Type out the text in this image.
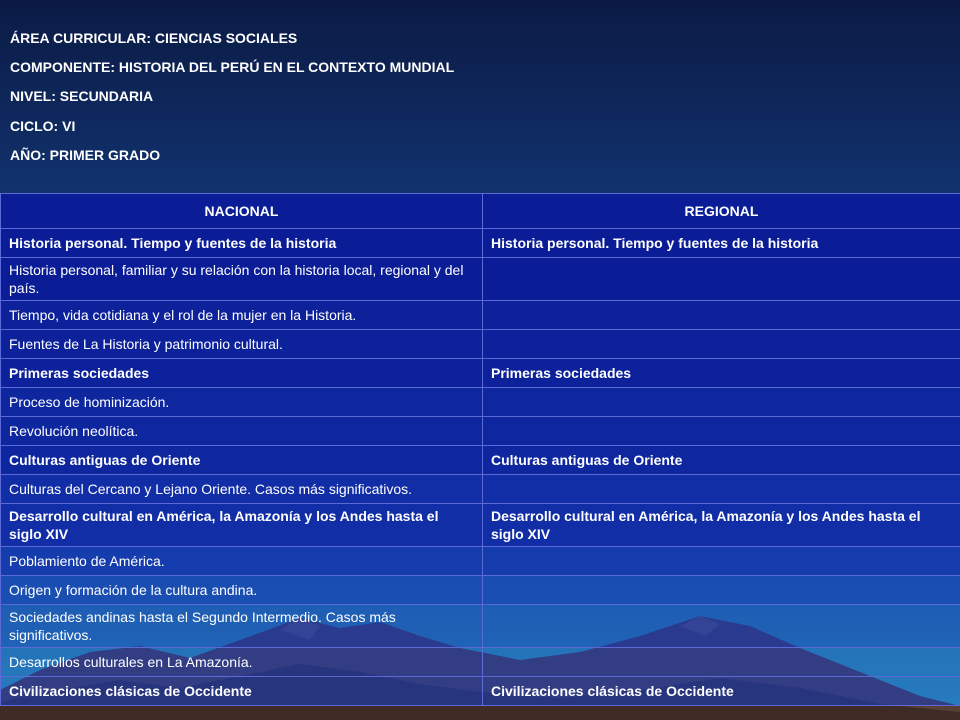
ÁREA CURRICULAR: CIENCIAS SOCIALES
COMPONENTE: HISTORIA DEL PERÚ EN EL CONTEXTO MUNDIAL
NIVEL: SECUNDARIA
CICLO: VI
AÑO: PRIMER GRADO
NACIONAL	REGIONAL
Historia personal. Tiempo y fuentes de la historia	Historia personal. Tiempo y fuentes de la historia
Historia personal, familiar y su relación con la historia local, regional y del país.	
Tiempo, vida cotidiana y el rol de la mujer en la Historia.	
Fuentes de La Historia y patrimonio cultural.	
Primeras sociedades	Primeras sociedades
Proceso de hominización.	
Revolución neolítica.	
Culturas antiguas de Oriente	Culturas antiguas de Oriente
Culturas del Cercano y Lejano Oriente. Casos más significativos.	
Desarrollo cultural en América, la Amazonía y los Andes hasta el siglo XIV	Desarrollo cultural en América, la Amazonía y los Andes hasta el siglo XIV
Poblamiento de América.	
Origen y formación de la cultura andina.	
Sociedades andinas hasta el Segundo Intermedio. Casos más significativos.	
Desarrollos culturales en La Amazonía.	
Civilizaciones clásicas de Occidente	Civilizaciones clásicas de Occidente
